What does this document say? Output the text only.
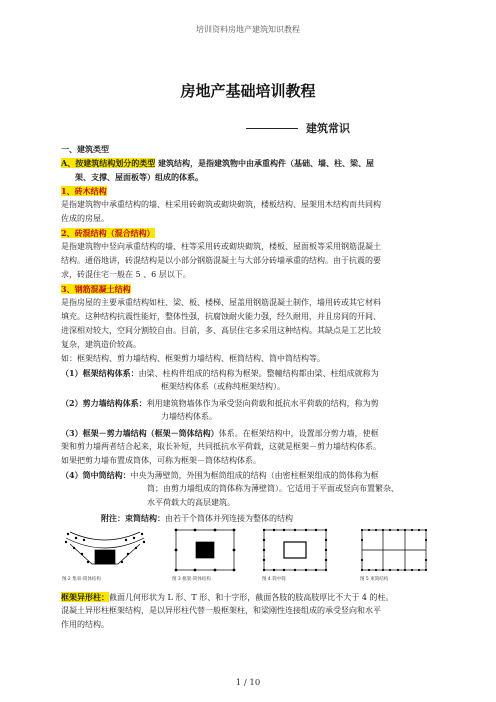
培训资料房地产建筑知识教程
房地产基础培训教程
建筑常识
一、建筑类型
A、按建筑结构划分的类型 建筑结构，是指建筑物中由承重构件（基础、墙、柱、梁、屋
架、支撑、屋面板等）组成的体系。
1、砖木结构
是指建筑物中承重结构的墙、柱采用砖砌筑或砌块砌筑，楼板结构、屋架用木结构而共同构
佐成的房屋。
2、砖混结构（混合结构）
是指建筑物中竖向承重结构的墙、柱等采用砖或砌块砌筑，楼板、屋面板等采用钢筋混凝土
结构。通俗地讲，砖混结构是以小部分钢筋混凝土与大部分砖墙承重的结构。由于抗震的要
求，砖混住宅一般在 5 、6 层以下。
3、钢筋混凝土结构
是指房屋的主要承重结构如柱、梁、板、楼梯、屋盖用钢筋混凝土制作，墙用砖或其它材料
填充。这种结构抗震性能好，整体性强，抗腐蚀耐火能力强，经久耐用，并且房间的开间、
进深相对较大，空间分割较自由。目前，多、高层住宅多采用这种结构。其缺点是工艺比较
复杂，建筑造价较高。
如：框架结构、剪力墙结构、框架剪力墙结构、框筒结构、筒中筒结构等。
（1）框架结构体系：由梁、柱构件组成的结构称为框架。整幢结构都由梁、柱组成就称为
框架结构体系（或称纯框架结构）。
（2）剪力墙结构体系：利用建筑物墙体作为承受竖向荷载和抵抗水平荷载的结构，称为剪
力墙结构体系。
（3）框架－剪力墙结构（框架－筒体结构）体系。在框架结构中，设置部分剪力墙，使框
架和剪力墙两者结合起来，取长补短，共同抵抗水平荷载，这就是框架－剪力墙结构体系。
如果把剪力墙布置成筒体，可称为框架－筒体结构体系。
（4）筒中筒结构：中央为薄壁筒，外围为框筒组成的结构（由密柱框架组成的筒体称为框
筒；由剪力墙组成的筒体称为薄壁筒）。它适用于平面或竖向布置繁杂、
水平荷载大的高层建筑。
附注：束筒结构：由若干个筒体并列连接为整体的结构
图 2 集束-筒体结构	图 3 框架-筒体结构	图 4 筒中筒	图 5 束筒结构
框架异形柱：截面几何形状为 L 形、T 形、和十字形，截面各肢的肢高肢厚比不大于 4 的柱。
混凝土异形柱框架结构，是以异形柱代替一般框架柱，和梁刚性连接组成的承受竖向和水平
作用的结构。
1 / 10
